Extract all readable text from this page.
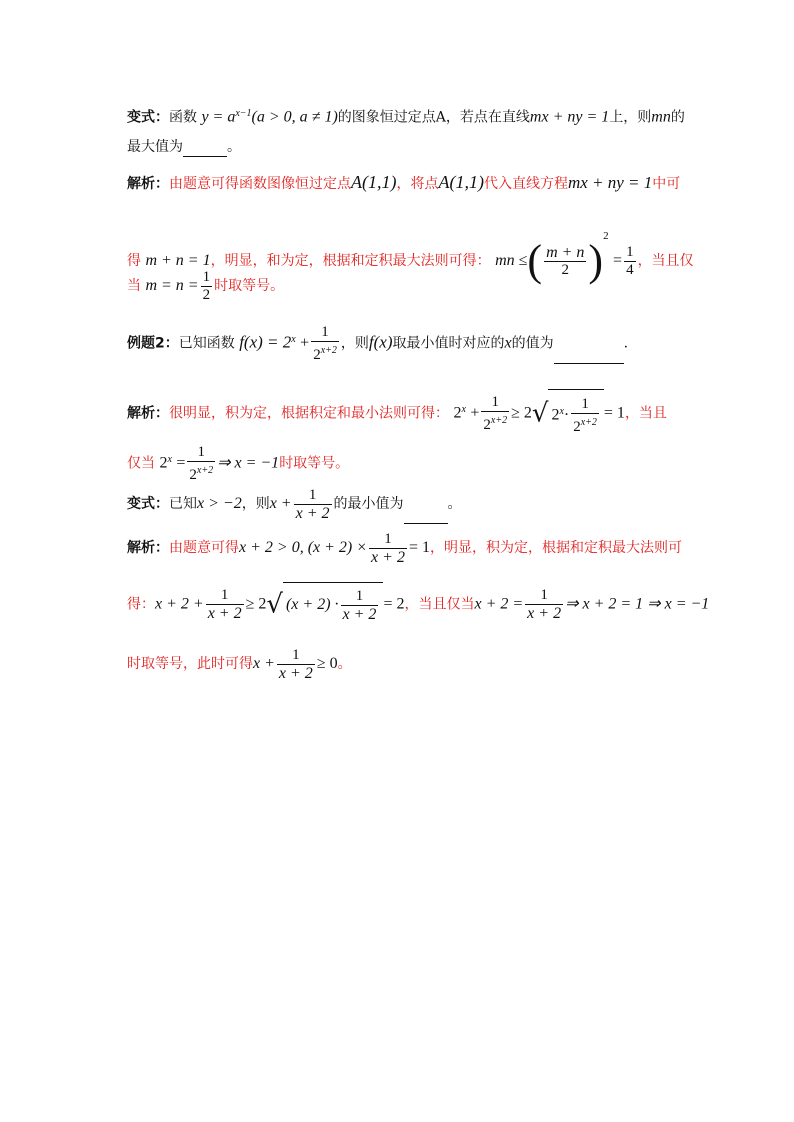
变式：函数 $y = a^{x-1}(a > 0$, a ≠ 1)的图象恒过定点A，若点在直线mx + ny = 1上，则mn的
最大值为	。
解析：由题意可得函数图像恒过定点A(1,1)，将点A(1,1)代入直线方程mx + ny = 1中可
得 m + n = 1，明显，和为定，根据和定积最大法则可得： mn ≤( $\frac{m + n}{2} )^2 = \frac{1}{4}$ ，当且仅
当 $m = n = \frac{1}{2}$ 时取等号。
例题2：已知函数 $f(x) = 2^x + \frac{1}{2^{x+2}}$ ，则f(x)取最小值时对应的x的值为	.
解析：很明显，积为定，根据积定和最小法则可得： $2^x + \frac{1}{2^{x+2}} \ge 2√$ $2^x\cdot \frac{1}{2^{x+2}} = 1$，当且
仅当 $2^x = \frac{1}{2^{x+2}}$ ⇒ x = −1时取等号。
变式：已知x > −2，则$x + \frac{1}{x + 2}$ 的最小值为	。
解析：由题意可得x + 2 > 0, $(x + 2) \times \frac{1}{x + 2} = 1$，明显，积为定，根据和定积最大法则可
得：$x + 2 + \frac{1}{x + 2} \ge 2√$ $(x + 2) \cdot \frac{1}{x + 2} = 2$，当且仅当$x + 2 = \frac{1}{x + 2}$ ⇒ x + 2 = 1 ⇒ x = −1
时取等号，此时可得$x + \frac{1}{x + 2} \ge 0$。
